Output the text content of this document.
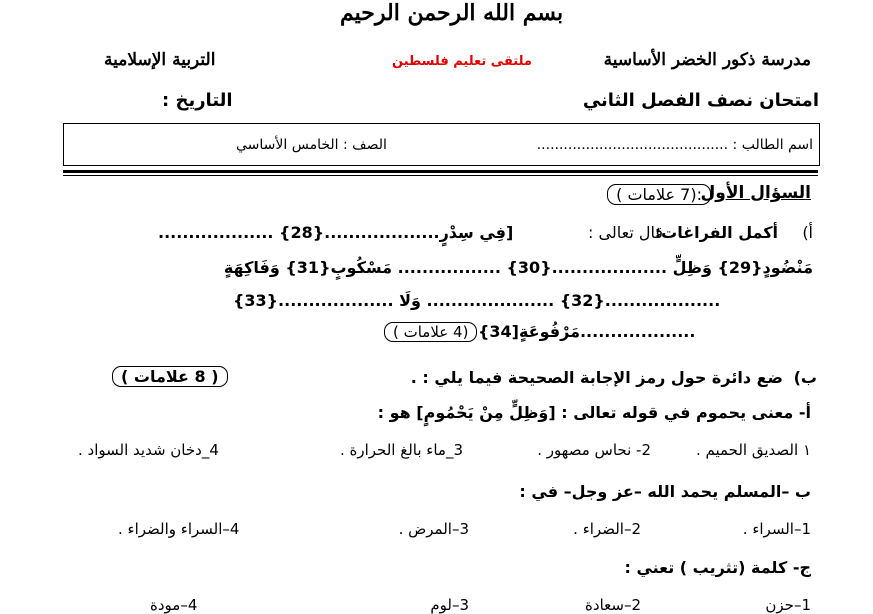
بسم الله الرحمن الرحيم
مدرسة ذكور الخضر الأساسية
ملتقى تعليم فلسطين
التربية الإسلامية
امتحان نصف الفصل الثاني
التاريخ :
اسم الطالب : ...........................................
الصف : الخامس الأساسي
السؤال الأول
:(7 علامات )
أ)
أكمل الفراغات:
قال تعالى :
[فِي سِدْرٍ...................{28} ...................
مَنْضُودٍ{29} وَظِلٍّ ...................{30} ................. مَسْكُوبٍ{31} وَفَاكِهَةٍ
...................{32} ..................... وَلَا ...................{33}
...................مَرْفُوعَةٍ[34}
(4 علامات )
ب)
ضع دائرة حول رمز الإجابة الصحيحة فيما يلي : .
( 8 علامات )
أ- معنى يحموم في قوله تعالى : [وَظِلٍّ مِنْ يَحْمُومٍ] هو :
١ الصديق الحميم .
2- نحاس مصهور .
3_ماء بالغ الحرارة .
4_دخان شديد السواد .
ب –المسلم يحمد الله –عز وجل– في :
1–السراء .
2–الضراء .
3–المرض .
4–السراء والضراء .
ج- كلمة (تثريب ) تعني :
1–حزن
2–سعادة
3–لوم
4–مودة
